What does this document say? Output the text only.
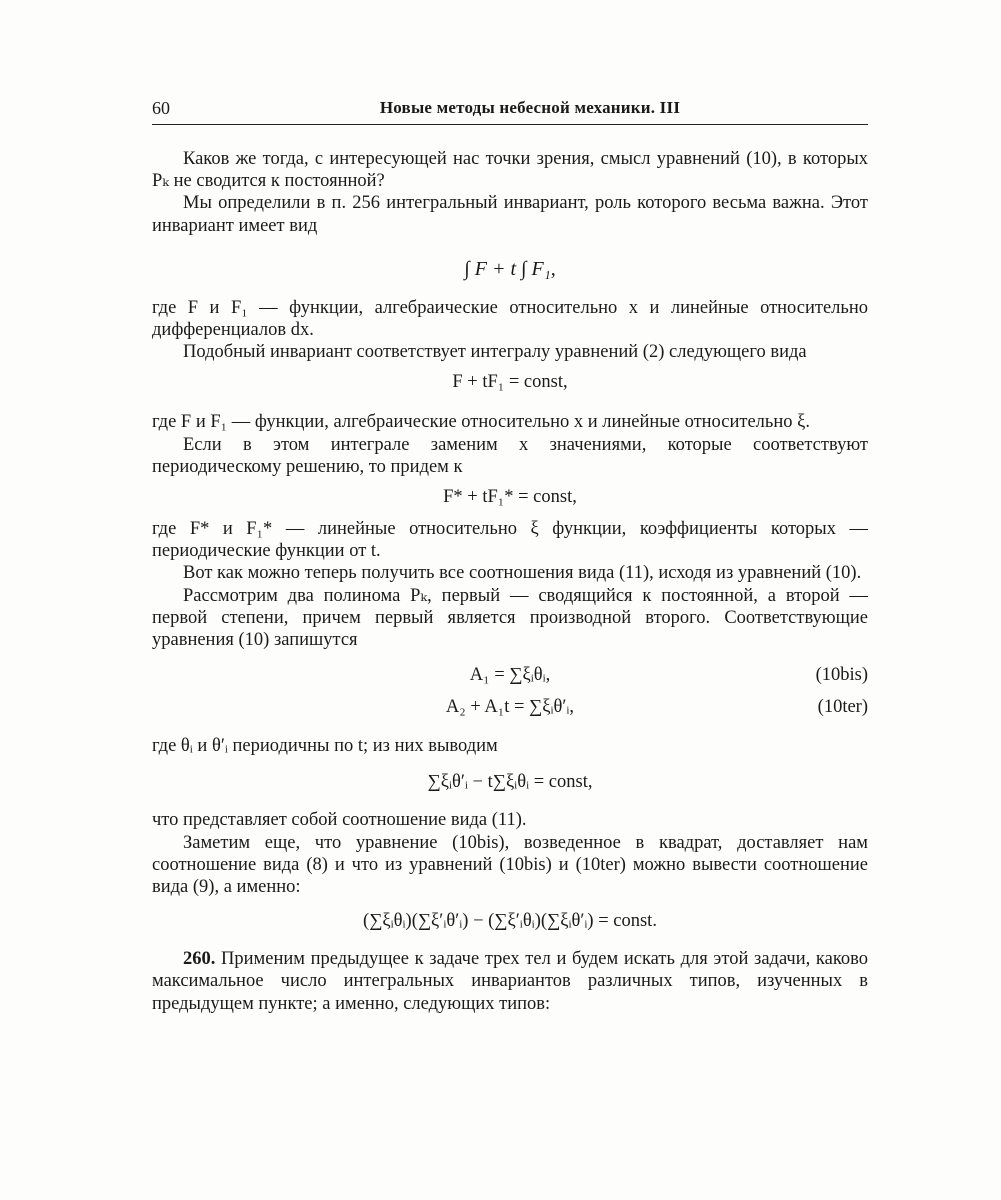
60	Новые методы небесной механики. III

Каков же тогда, с интересующей нас точки зрения, смысл уравнений (10), в которых Pₖ не сводится к постоянной?

Мы определили в п. 256 интегральный инвариант, роль которого весьма важна. Этот инвариант имеет вид

∫ F + t ∫ F₁,

где F и F₁ — функции, алгебраические относительно x и линейные относительно дифференциалов dx.

Подобный инвариант соответствует интегралу уравнений (2) следующего вида

F + tF₁ = const,

где F и F₁ — функции, алгебраические относительно x и линейные относительно ξ.

Если в этом интеграле заменим x значениями, которые соответствуют периодическому решению, то придем к

F* + tF₁* = const,

где F* и F₁* — линейные относительно ξ функции, коэффициенты которых — периодические функции от t.

Вот как можно теперь получить все соотношения вида (11), исходя из уравнений (10).

Рассмотрим два полинома Pₖ, первый — сводящийся к постоянной, а второй — первой степени, причем первый является производной второго. Соответствующие уравнения (10) запишутся

A₁ = ∑ξᵢθᵢ,	(10bis)
A₂ + A₁t = ∑ξᵢθ′ᵢ,	(10ter)

где θᵢ и θ′ᵢ периодичны по t; из них выводим

∑ξᵢθ′ᵢ − t∑ξᵢθᵢ = const,

что представляет собой соотношение вида (11).

Заметим еще, что уравнение (10bis), возведенное в квадрат, доставляет нам соотношение вида (8) и что из уравнений (10bis) и (10ter) можно вывести соотношение вида (9), а именно:

(∑ξᵢθᵢ)(∑ξ′ᵢθ′ᵢ) − (∑ξ′ᵢθᵢ)(∑ξᵢθ′ᵢ) = const.

260. Применим предыдущее к задаче трех тел и будем искать для этой задачи, каково максимальное число интегральных инвариантов различных типов, изученных в предыдущем пункте; а именно, следующих типов:
